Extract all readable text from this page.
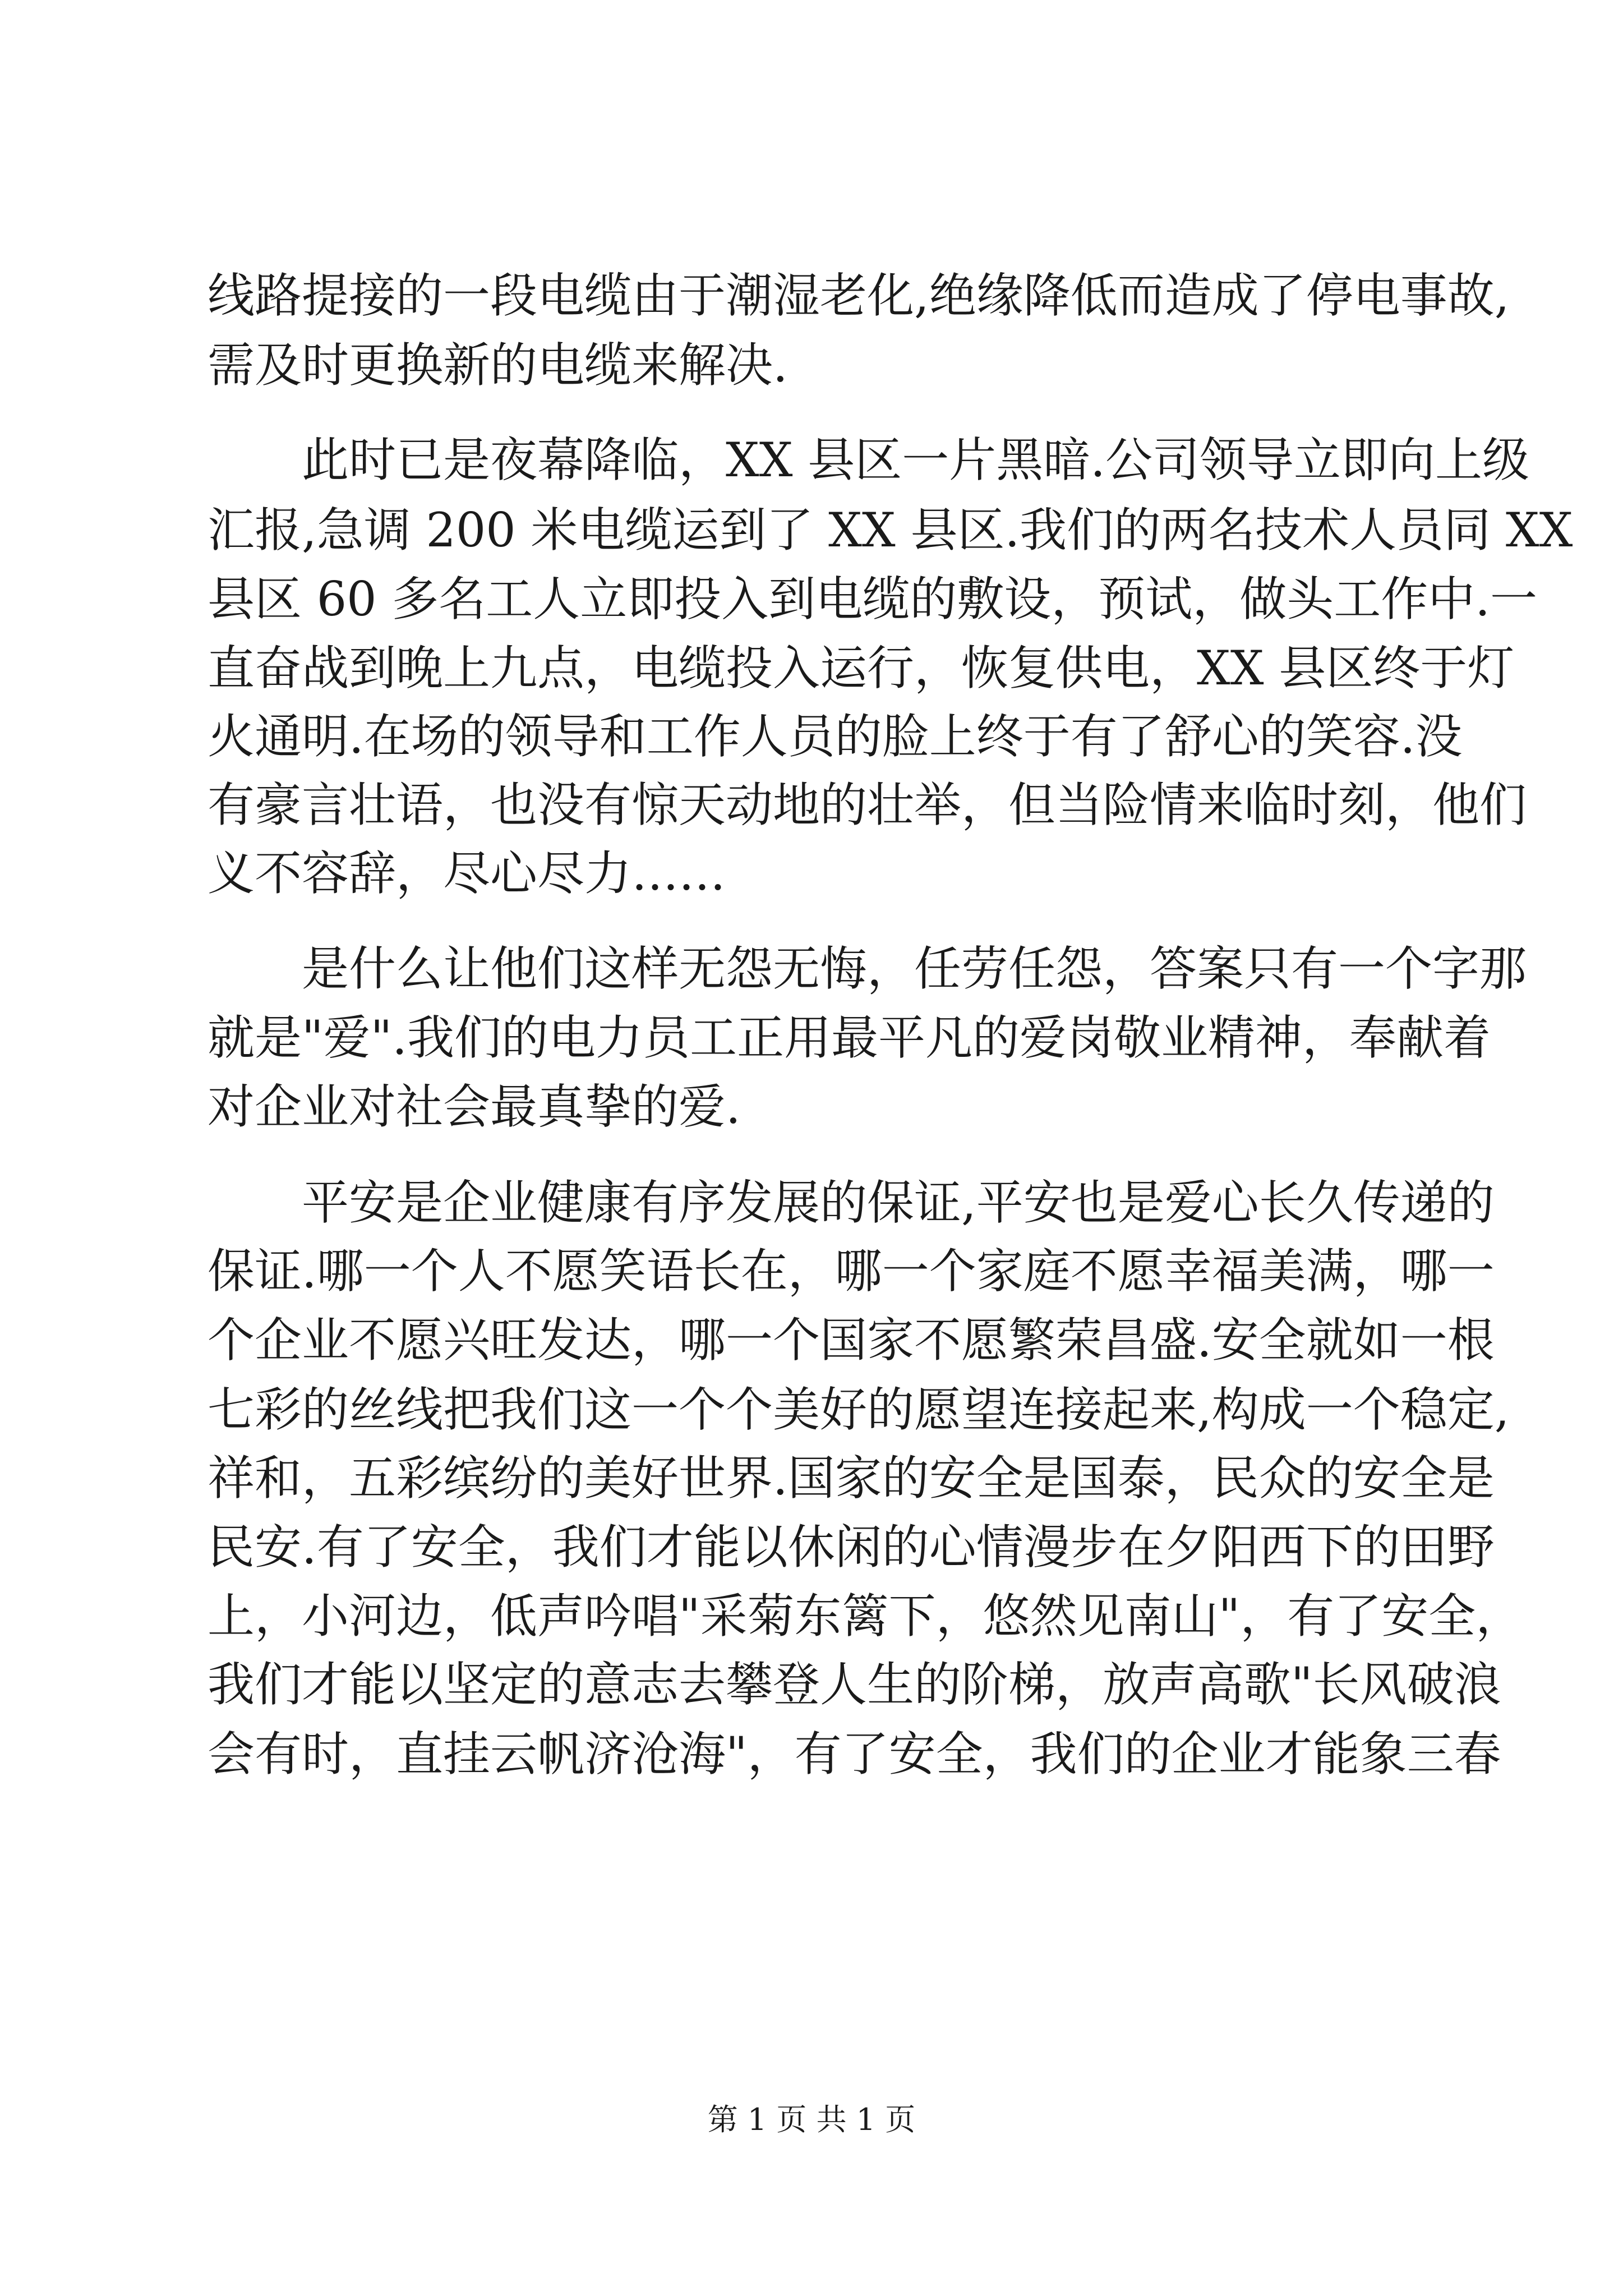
线路提接的一段电缆由于潮湿老化,绝缘降低而造成了停电事故,
需及时更换新的电缆来解决.
此时已是夜幕降临，XX 县区一片黑暗.公司领导立即向上级
汇报,急调 200 米电缆运到了 XX 县区.我们的两名技术人员同 XX
县区 60 多名工人立即投入到电缆的敷设，预试，做头工作中.一
直奋战到晚上九点，电缆投入运行，恢复供电，XX 县区终于灯
火通明.在场的领导和工作人员的脸上终于有了舒心的笑容.没
有豪言壮语，也没有惊天动地的壮举，但当险情来临时刻，他们
义不容辞，尽心尽力……
是什么让他们这样无怨无悔，任劳任怨，答案只有一个字那
就是"爱".我们的电力员工正用最平凡的爱岗敬业精神，奉献着
对企业对社会最真挚的爱.
平安是企业健康有序发展的保证,平安也是爱心长久传递的
保证.哪一个人不愿笑语长在，哪一个家庭不愿幸福美满，哪一
个企业不愿兴旺发达，哪一个国家不愿繁荣昌盛.安全就如一根
七彩的丝线把我们这一个个美好的愿望连接起来,构成一个稳定,
祥和，五彩缤纷的美好世界.国家的安全是国泰，民众的安全是
民安.有了安全，我们才能以休闲的心情漫步在夕阳西下的田野
上，小河边，低声吟唱"采菊东篱下，悠然见南山"，有了安全，
我们才能以坚定的意志去攀登人生的阶梯，放声高歌"长风破浪
会有时，直挂云帆济沧海"，有了安全，我们的企业才能象三春
第 1 页 共 1 页
